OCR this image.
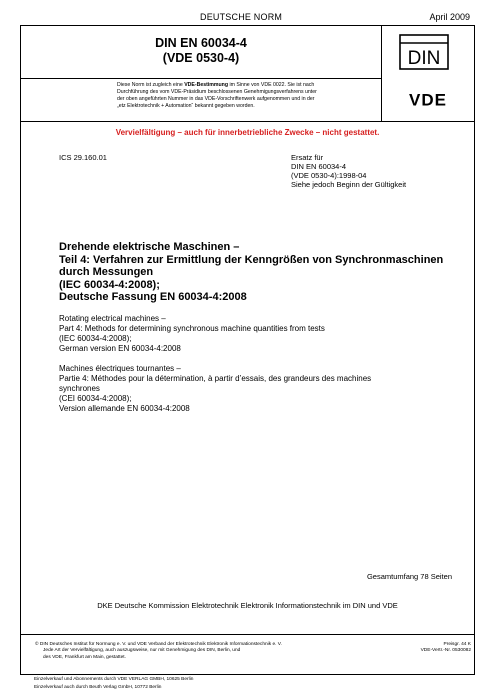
DEUTSCHE NORM	April 2009
DIN EN 60034-4
(VDE 0530-4)	DIN
Diese Norm ist zugleich eine VDE-Bestimmung im Sinne von VDE 0022. Sie ist nach
Durchführung des vom VDE-Präsidium beschlossenen Genehmigungsverfahrens unter
der oben angeführten Nummer in das VDE-Vorschriftenwerk aufgenommen und in der
„etz Elektrotechnik + Automation“ bekannt gegeben worden.	VDE
Vervielfältigung – auch für innerbetriebliche Zwecke – nicht gestattet.
ICS 29.160.01	Ersatz für
DIN EN 60034-4
(VDE 0530-4):1998-04
Siehe jedoch Beginn der Gültigkeit
Drehende elektrische Maschinen –
Teil 4: Verfahren zur Ermittlung der Kenngrößen von Synchronmaschinen
durch Messungen
(IEC 60034-4:2008);
Deutsche Fassung EN 60034-4:2008
Rotating electrical machines –
Part 4: Methods for determining synchronous machine quantities from tests
(IEC 60034-4:2008);
German version EN 60034-4:2008
Machines électriques tournantes –
Partie 4: Méthodes pour la détermination, à partir d’essais, des grandeurs des machines
synchrones
(CEI 60034-4:2008);
Version allemande EN 60034-4:2008
Gesamtumfang 78 Seiten
DKE Deutsche Kommission Elektrotechnik Elektronik Informationstechnik im DIN und VDE
© DIN Deutsches Institut für Normung e. V. und VDE Verband der Elektrotechnik Elektronik Informationstechnik e. V.
Jede Art der Vervielfältigung, auch auszugsweise, nur mit Genehmigung des DIN, Berlin, und
des VDE, Frankfurt am Main, gestattet.
Preisgr. 44 K
VDE-Vertr.-Nr. 0530082
Einzelverkauf und Abonnements durch VDE VERLAG GMBH, 10625 Berlin
Einzelverkauf auch durch Beuth Verlag GmbH, 10772 Berlin
